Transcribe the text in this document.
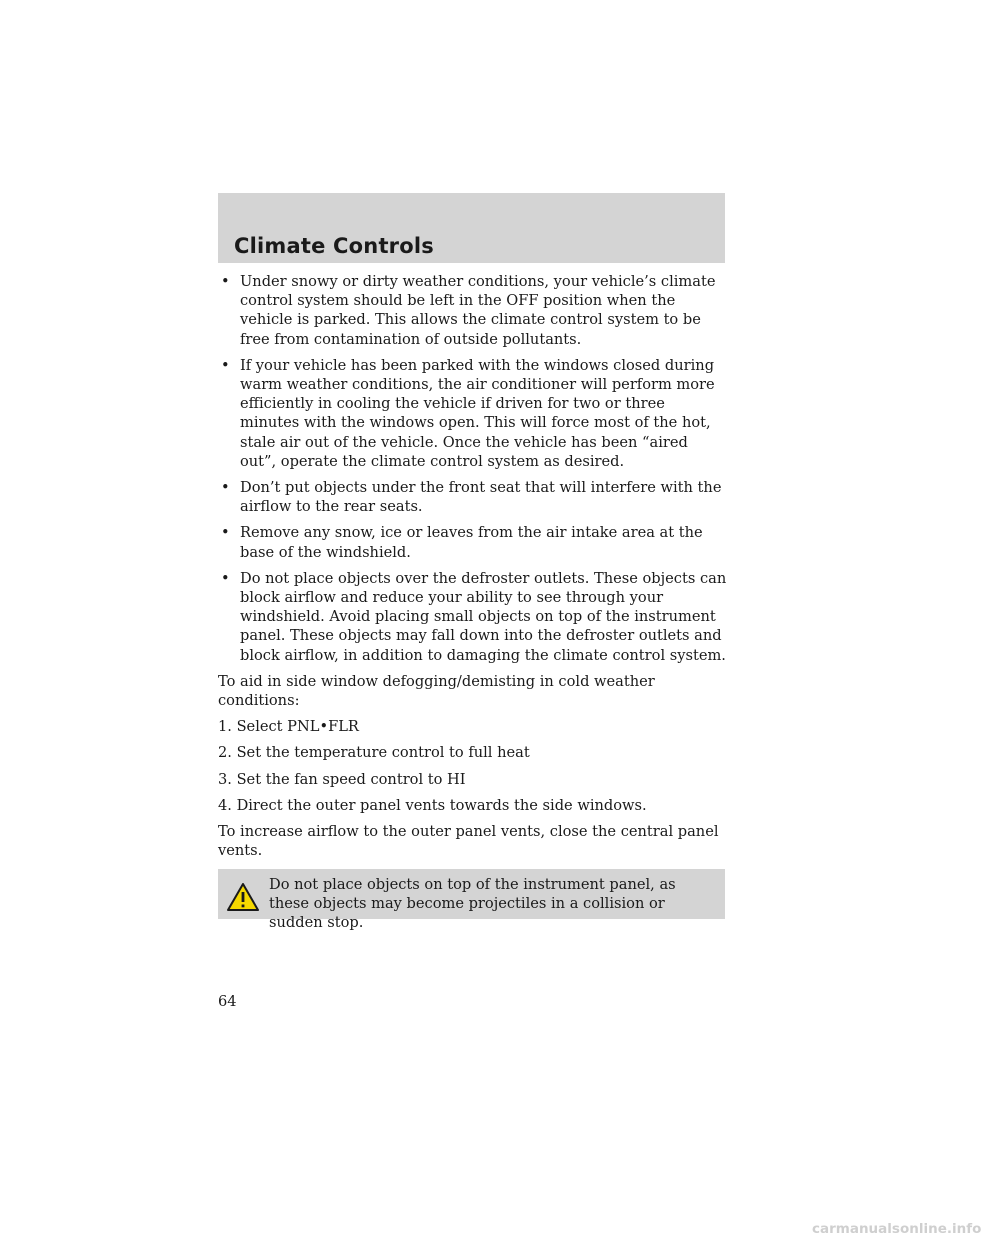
Climate Controls
• Under snowy or dirty weather conditions, your vehicle’s climate control system should be left in the OFF position when the vehicle is parked. This allows the climate control system to be free from contamination of outside pollutants.
• If your vehicle has been parked with the windows closed during warm weather conditions, the air conditioner will perform more efficiently in cooling the vehicle if driven for two or three minutes with the windows open. This will force most of the hot, stale air out of the vehicle. Once the vehicle has been “aired out”, operate the climate control system as desired.
• Don’t put objects under the front seat that will interfere with the airflow to the rear seats.
• Remove any snow, ice or leaves from the air intake area at the base of the windshield.
• Do not place objects over the defroster outlets. These objects can block airflow and reduce your ability to see through your windshield. Avoid placing small objects on top of the instrument panel. These objects may fall down into the defroster outlets and block airflow, in addition to damaging the climate control system.

To aid in side window defogging/demisting in cold weather conditions:

1. Select PNL•FLR

2. Set the temperature control to full heat

3. Set the fan speed control to HI

4. Direct the outer panel vents towards the side windows.

To increase airflow to the outer panel vents, close the central panel vents.

Do not place objects on top of the instrument panel, as these objects may become projectiles in a collision or sudden stop.
64
carmanualsonline.info
